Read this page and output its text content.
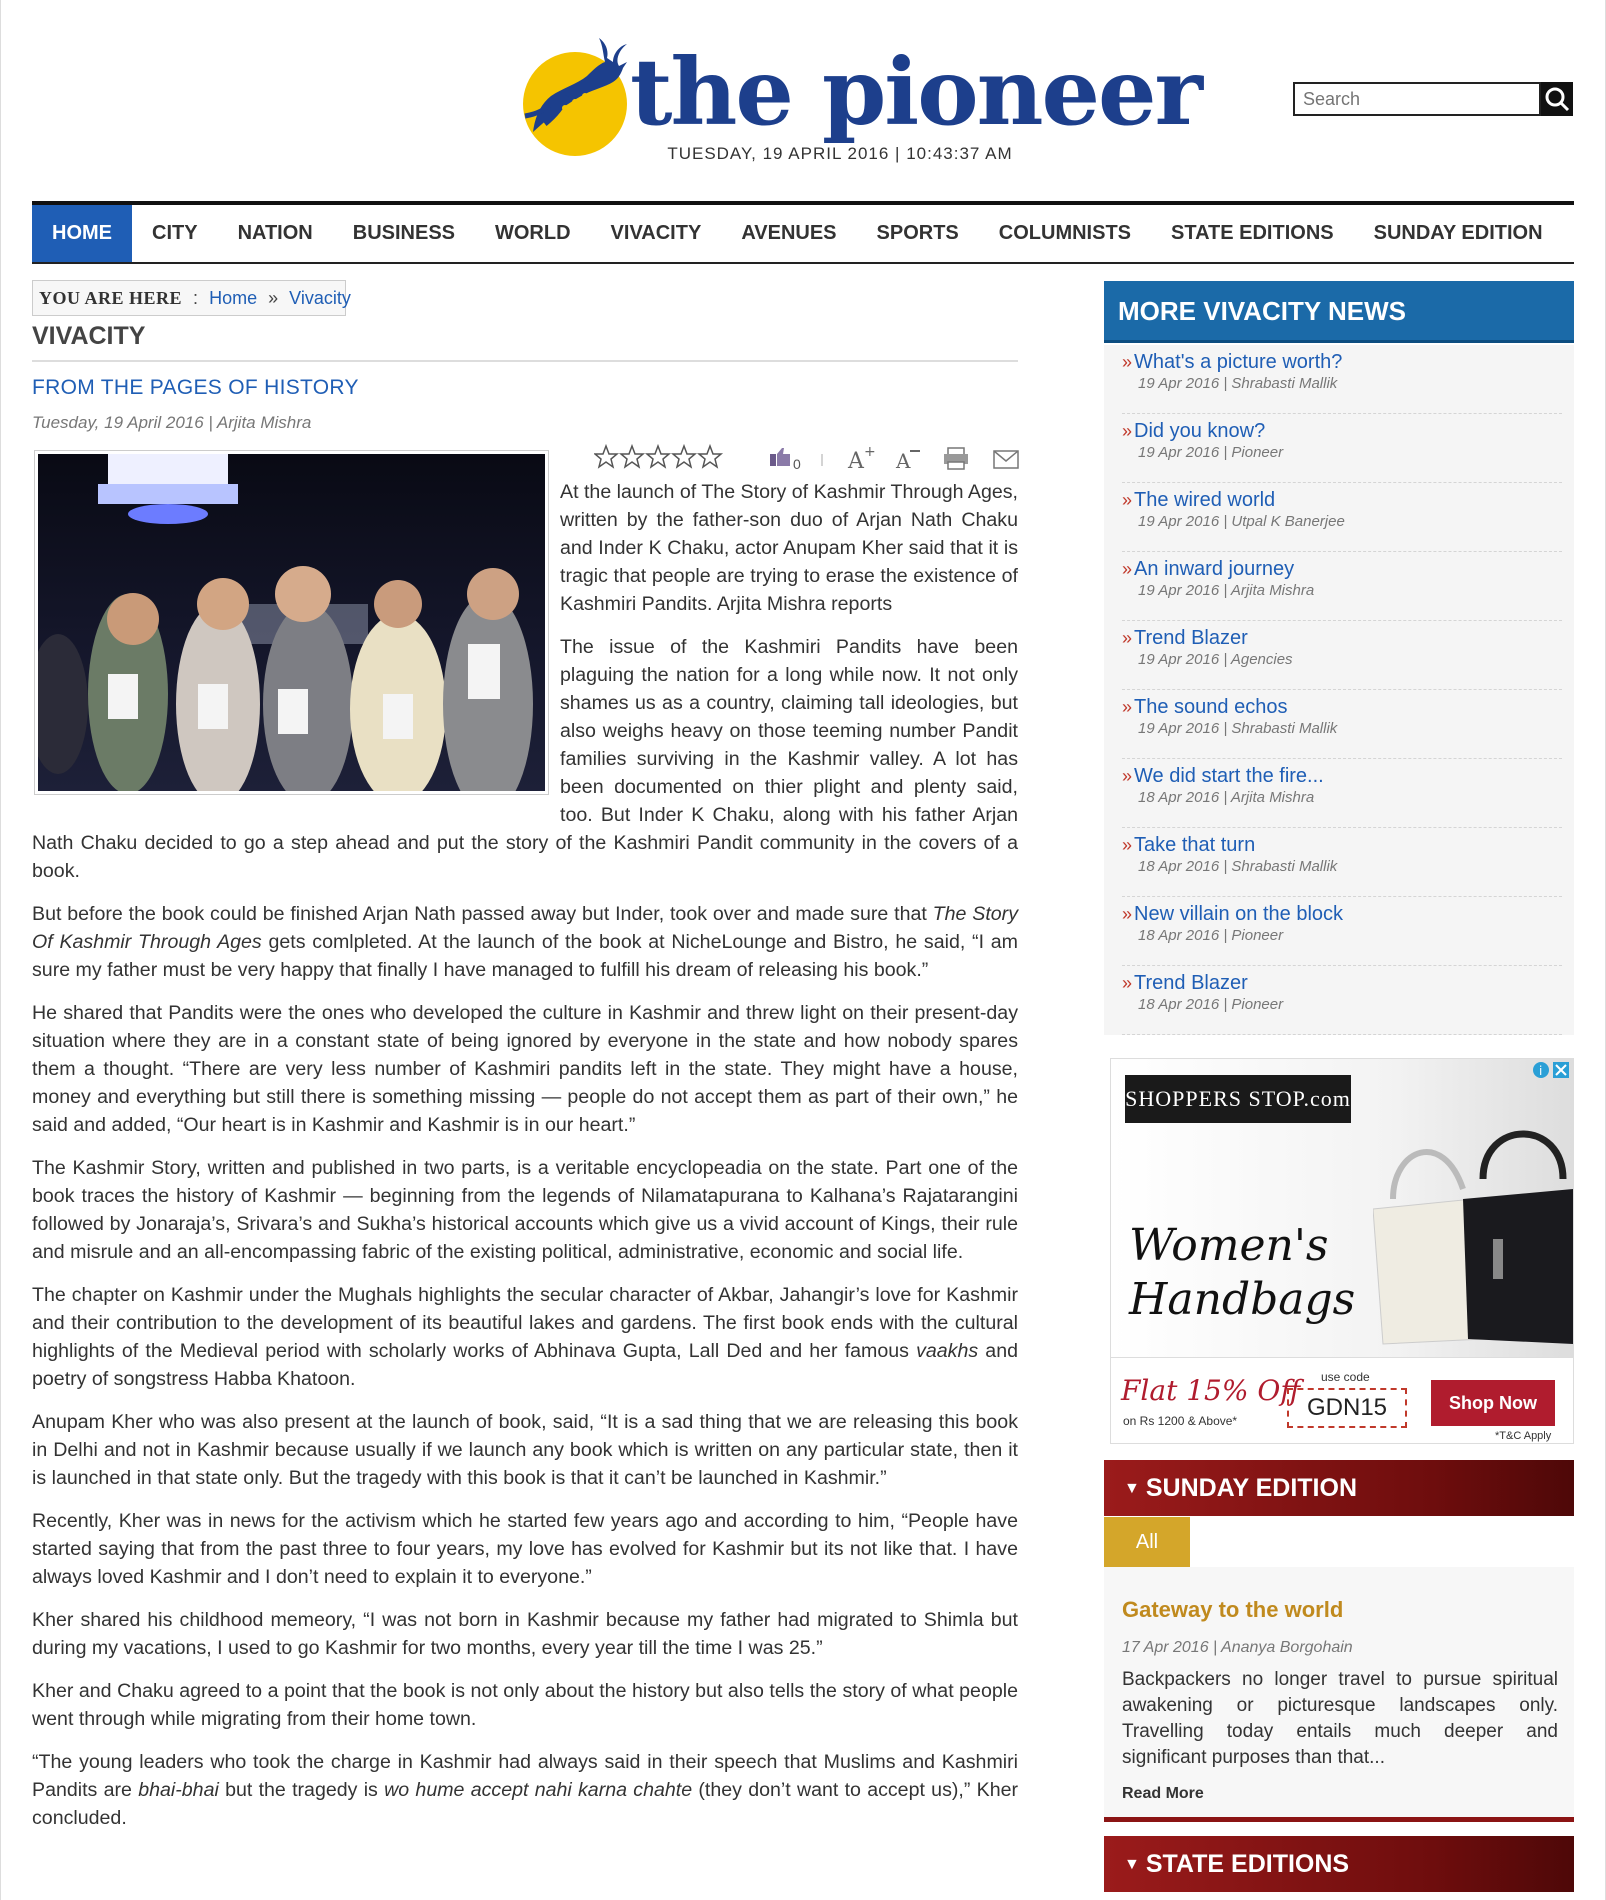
the pioneer
TUESDAY, 19 APRIL 2016 | 10:43:37 AM
Search
HOME	CITY	NATION	BUSINESS	WORLD	VIVACITY	AVENUES	SPORTS	COLUMNISTS	STATE EDITIONS	SUNDAY EDITION
YOU ARE HERE : Home » Vivacity
VIVACITY
FROM THE PAGES OF HISTORY
Tuesday, 19 April 2016 | Arjita Mishra
0 A + A

At the launch of The Story of Kashmir Through Ages, written by the father-son duo of Arjan Nath Chaku and Inder K Chaku, actor Anupam Kher said that it is tragic that people are trying to erase the existence of Kashmiri Pandits. Arjita Mishra reports

The issue of the Kashmiri Pandits have been plaguing the nation for a long while now. It not only shames us as a country, claiming tall ideologies, but also weighs heavy on those teeming number Pandit families surviving in the Kashmir valley. A lot has been documented on thier plight and plenty said, too. But Inder K Chaku, along with his father Arjan Nath Chaku decided to go a step ahead and put the story of the Kashmiri Pandit community in the covers of a book.

But before the book could be finished Arjan Nath passed away but Inder, took over and made sure that The Story Of Kashmir Through Ages gets comlpleted. At the launch of the book at NicheLounge and Bistro, he said, “I am sure my father must be very happy that finally I have managed to fulfill his dream of releasing his book.”

He shared that Pandits were the ones who developed the culture in Kashmir and threw light on their present-day situation where they are in a constant state of being ignored by everyone in the state and how nobody spares them a thought. “There are very less number of Kashmiri pandits left in the state. They might have a house, money and everything but still there is something missing — people do not accept them as part of their own,” he said and added, “Our heart is in Kashmir and Kashmir is in our heart.”

The Kashmir Story, written and published in two parts, is a veritable encyclopeadia on the state. Part one of the book traces the history of Kashmir — beginning from the legends of Nilamatapurana to Kalhana’s Rajatarangini followed by Jonaraja’s, Srivara’s and Sukha’s historical accounts which give us a vivid account of Kings, their rule and misrule and an all-encompassing fabric of the existing political, administrative, economic and social life.

The chapter on Kashmir under the Mughals highlights the secular character of Akbar, Jahangir’s love for Kashmir and their contribution to the development of its beautiful lakes and gardens. The first book ends with the cultural highlights of the Medieval period with scholarly works of Abhinava Gupta, Lall Ded and her famous vaakhs and poetry of songstress Habba Khatoon.

Anupam Kher who was also present at the launch of book, said, “It is a sad thing that we are releasing this book in Delhi and not in Kashmir because usually if we launch any book which is written on any particular state, then it is launched in that state only. But the tragedy with this book is that it can’t be launched in Kashmir.”

Recently, Kher was in news for the activism which he started few years ago and according to him, “People have started saying that from the past three to four years, my love has evolved for Kashmir but its not like that. I have always loved Kashmir and I don’t need to explain it to everyone.”

Kher shared his childhood memeory, “I was not born in Kashmir because my father had migrated to Shimla but during my vacations, I used to go Kashmir for two months, every year till the time I was 25.”

Kher and Chaku agreed to a point that the book is not only about the history but also tells the story of what people went through while migrating from their home town.

“The young leaders who took the charge in Kashmir had always said in their speech that Muslims and Kashmiri Pandits are bhai-bhai but the tragedy is wo hume accept nahi karna chahte (they don’t want to accept us),” Kher concluded.

MORE VIVACITY NEWS
» What's a picture worth?
19 Apr 2016 | Shrabasti Mallik
» Did you know?
19 Apr 2016 | Pioneer
» The wired world
19 Apr 2016 | Utpal K Banerjee
» An inward journey
19 Apr 2016 | Arjita Mishra
» Trend Blazer
19 Apr 2016 | Agencies
» The sound echos
19 Apr 2016 | Shrabasti Mallik
» We did start the fire...
18 Apr 2016 | Arjita Mishra
» Take that turn
18 Apr 2016 | Shrabasti Mallik
» New villain on the block
18 Apr 2016 | Pioneer
» Trend Blazer
18 Apr 2016 | Pioneer
SHOPPERS STOP.com
Women's
Handbags
i
Flat 15% Off
on Rs 1200 & Above*
use code
GDN15	Shop Now
*T&C Apply
▼ SUNDAY EDITION
All
Gateway to the world
17 Apr 2016 | Ananya Borgohain
Backpackers no longer travel to pursue spiritual awakening or picturesque landscapes only. Travelling today entails much deeper and significant purposes than that...
Read More
▼ STATE EDITIONS
